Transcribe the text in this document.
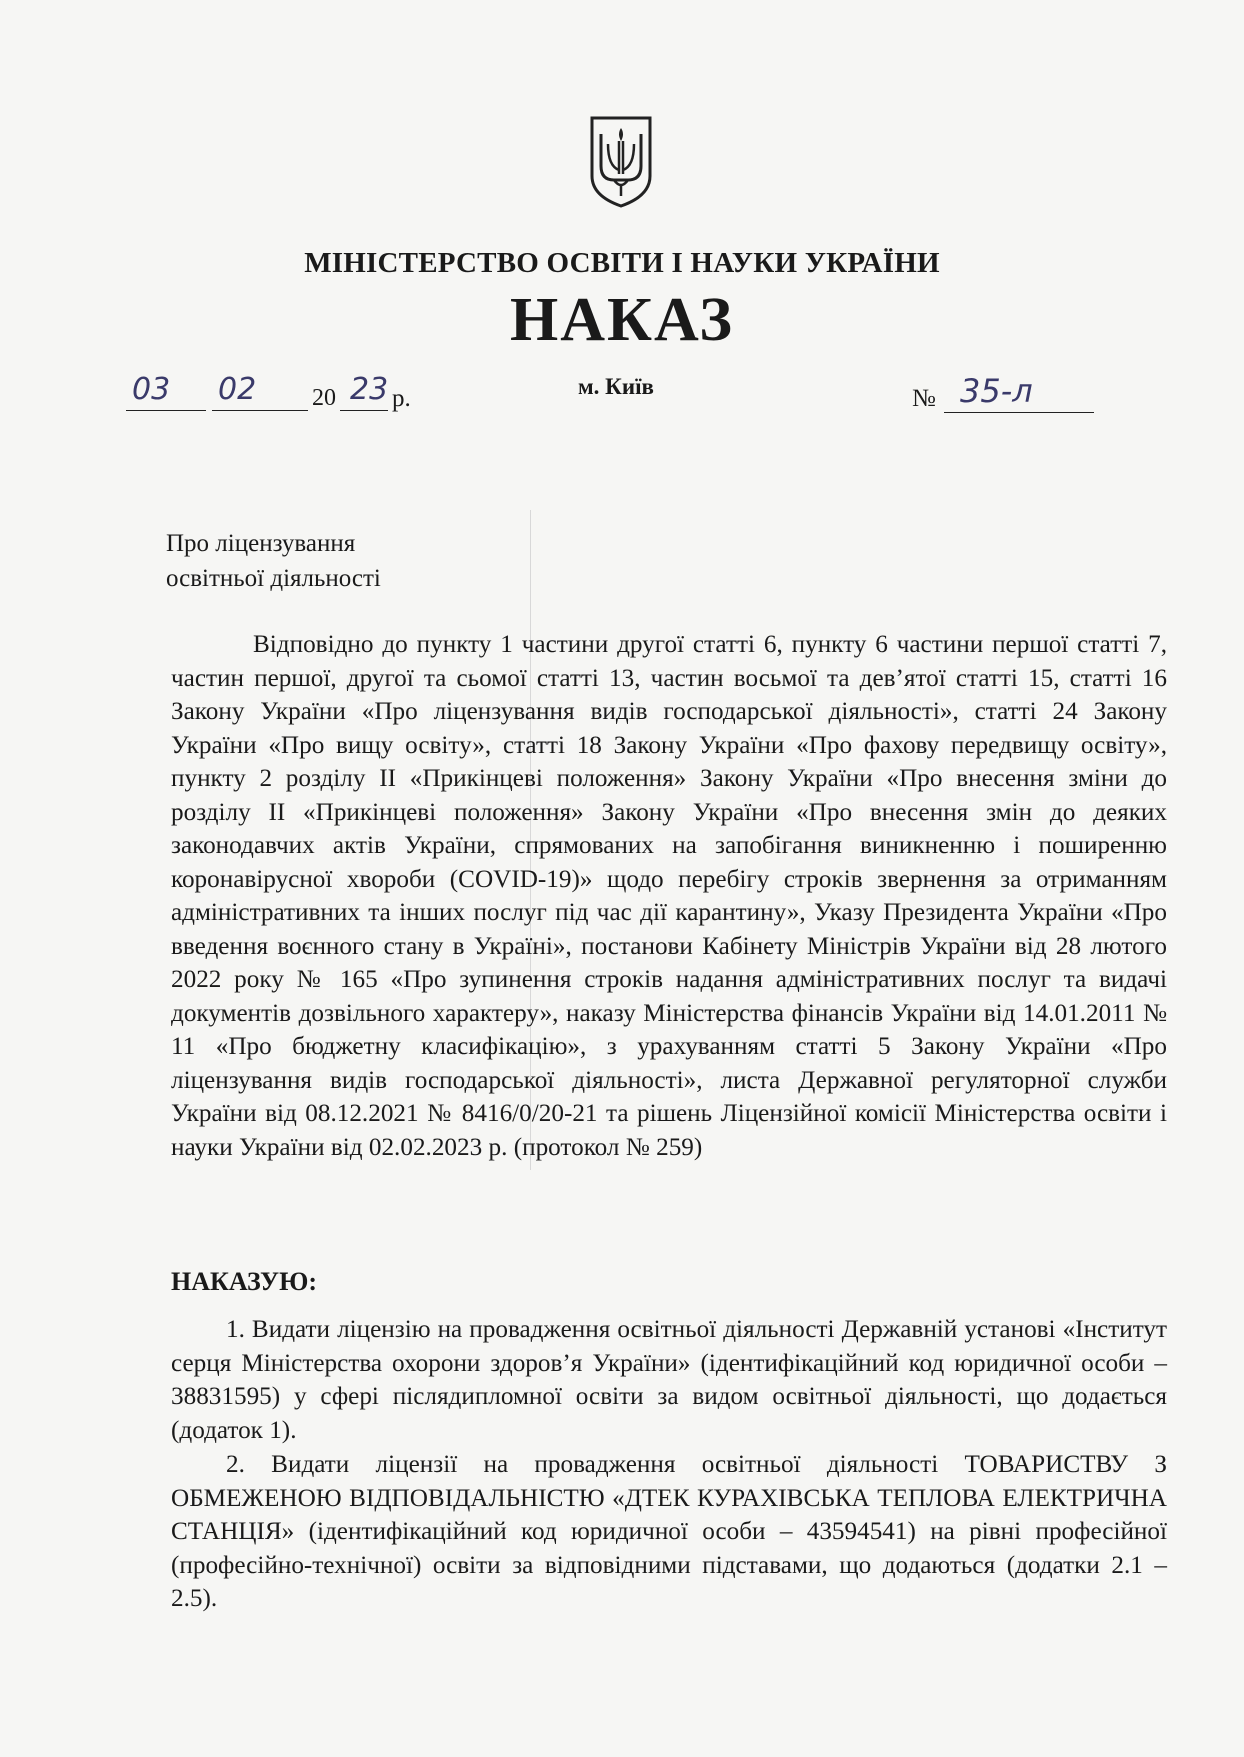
МІНІСТЕРСТВО ОСВІТИ І НАУКИ УКРАЇНИ
НАКАЗ
03 02 20 23 р.	м. Київ	№ 35-л
Про ліцензування
освітньої діяльності

Відповідно до пункту 1 частини другої статті 6, пункту 6 частини першої статті 7, частин першої, другої та сьомої статті 13, частин восьмої та дев’ятої статті 15, статті 16 Закону України «Про ліцензування видів господарської діяльності», статті 24 Закону України «Про вищу освіту», статті 18 Закону України «Про фахову передвищу освіту», пункту 2 розділу II «Прикінцеві положення» Закону України «Про внесення зміни до розділу II «Прикінцеві положення» Закону України «Про внесення змін до деяких законодавчих актів України, спрямованих на запобігання виникненню і поширенню коронавірусної хвороби (COVID-19)» щодо перебігу строків звернення за отриманням адміністративних та інших послуг під час дії карантину», Указу Президента України «Про введення воєнного стану в Україні», постанови Кабінету Міністрів України від 28 лютого 2022 року № 165 «Про зупинення строків надання адміністративних послуг та видачі документів дозвільного характеру», наказу Міністерства фінансів України від 14.01.2011 № 11 «Про бюджетну класифікацію», з урахуванням статті 5 Закону України «Про ліцензування видів господарської діяльності», листа Державної регуляторної служби України від 08.12.2021 № 8416/0/20-21 та рішень Ліцензійної комісії Міністерства освіти і науки України від 02.02.2023 р. (протокол № 259)

НАКАЗУЮ:

1. Видати ліцензію на провадження освітньої діяльності Державній установі «Інститут серця Міністерства охорони здоров’я України» (ідентифікаційний код юридичної особи – 38831595) у сфері післядипломної освіти за видом освітньої діяльності, що додається (додаток 1).

2. Видати ліцензії на провадження освітньої діяльності ТОВАРИСТВУ З ОБМЕЖЕНОЮ ВІДПОВІДАЛЬНІСТЮ «ДТЕК КУРАХІВСЬКА ТЕПЛОВА ЕЛЕКТРИЧНА СТАНЦІЯ» (ідентифікаційний код юридичної особи – 43594541) на рівні професійної (професійно-технічної) освіти за відповідними підставами, що додаються (додатки 2.1 – 2.5).
